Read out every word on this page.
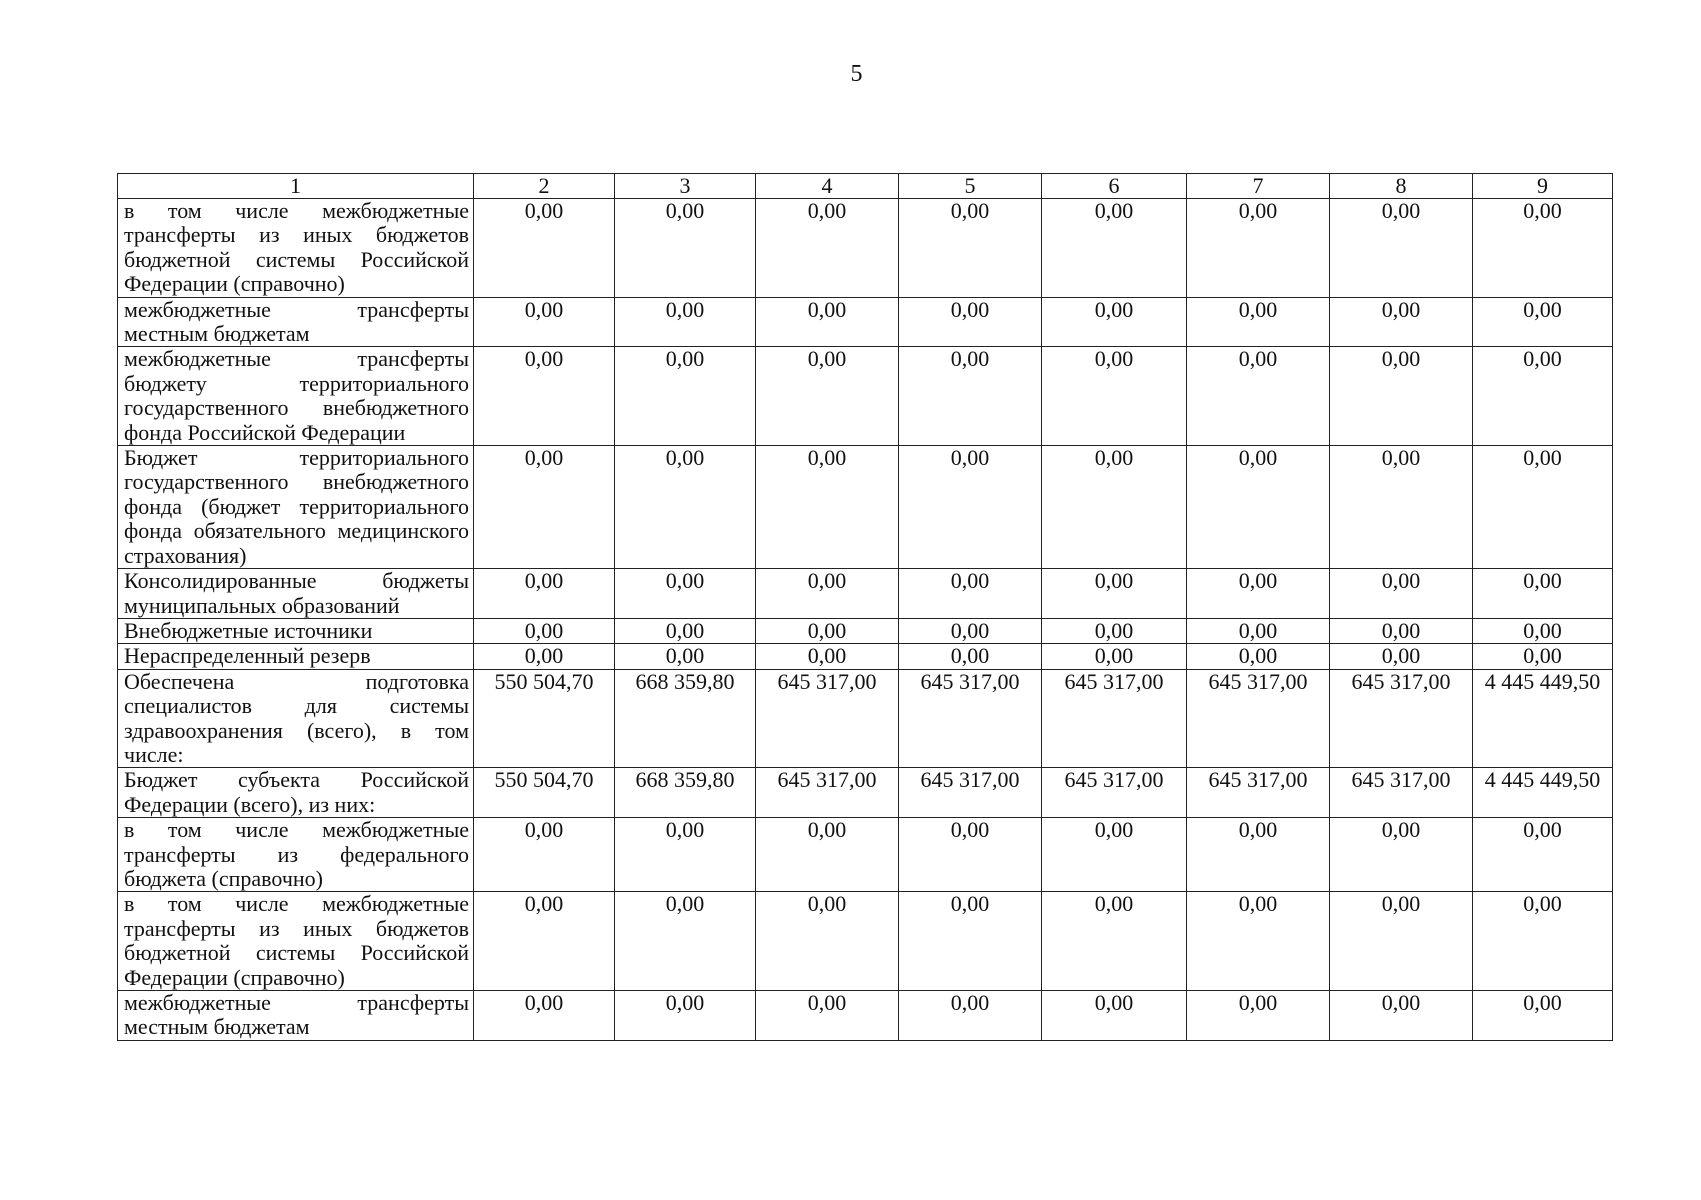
5
1	2	3	4	5	6	7	8	9
в том числе межбюджетные трансферты из иных бюджетов бюджетной системы Российской Федерации (справочно)	0,00	0,00	0,00	0,00	0,00	0,00	0,00	0,00
межбюджетные трансферты местным бюджетам	0,00	0,00	0,00	0,00	0,00	0,00	0,00	0,00
межбюджетные трансферты бюджету территориального государственного внебюджетного фонда Российской Федерации	0,00	0,00	0,00	0,00	0,00	0,00	0,00	0,00
Бюджет территориального государственного внебюджетного фонда (бюджет территориального фонда обязательного медицинского страхования)	0,00	0,00	0,00	0,00	0,00	0,00	0,00	0,00
Консолидированные бюджеты муниципальных образований	0,00	0,00	0,00	0,00	0,00	0,00	0,00	0,00
Внебюджетные источники	0,00	0,00	0,00	0,00	0,00	0,00	0,00	0,00
Нераспределенный резерв	0,00	0,00	0,00	0,00	0,00	0,00	0,00	0,00
Обеспечена подготовка специалистов для системы здравоохранения (всего), в том числе:	550 504,70	668 359,80	645 317,00	645 317,00	645 317,00	645 317,00	645 317,00	4 445 449,50
Бюджет субъекта Российской Федерации (всего), из них:	550 504,70	668 359,80	645 317,00	645 317,00	645 317,00	645 317,00	645 317,00	4 445 449,50
в том числе межбюджетные трансферты из федерального бюджета (справочно)	0,00	0,00	0,00	0,00	0,00	0,00	0,00	0,00
в том числе межбюджетные трансферты из иных бюджетов бюджетной системы Российской Федерации (справочно)	0,00	0,00	0,00	0,00	0,00	0,00	0,00	0,00
межбюджетные трансферты местным бюджетам	0,00	0,00	0,00	0,00	0,00	0,00	0,00	0,00
